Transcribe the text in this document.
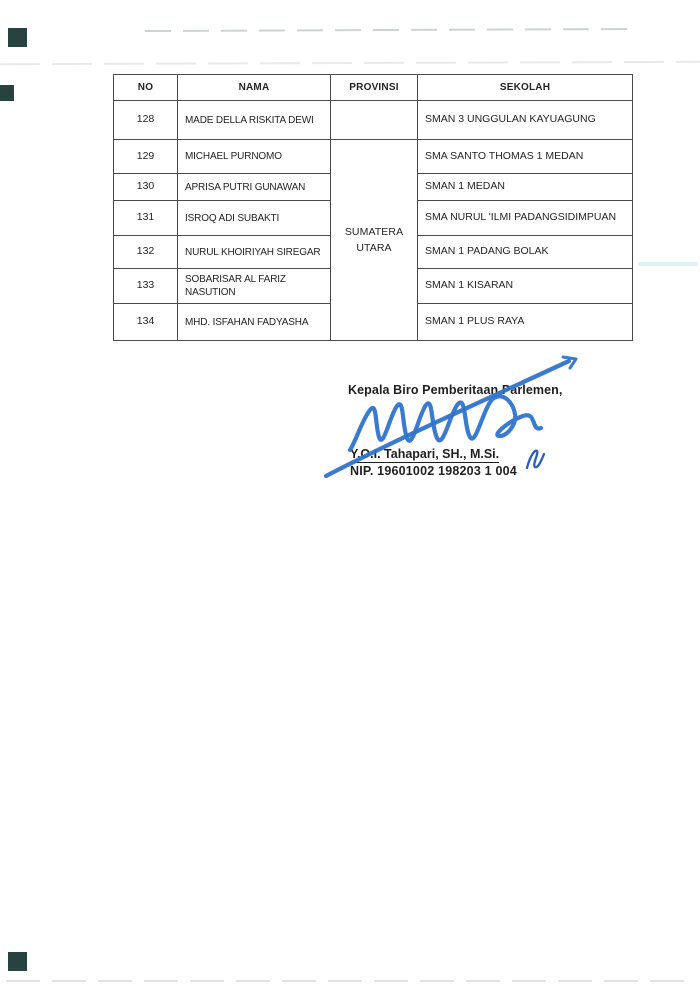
NO	NAMA	PROVINSI	SEKOLAH
128	MADE DELLA RISKITA DEWI		SMAN 3 UNGGULAN KAYUAGUNG
129	MICHAEL PURNOMO	SUMATERA UTARA	SMA SANTO THOMAS 1 MEDAN
130	APRISA PUTRI GUNAWAN		SMAN 1 MEDAN
131	ISROQ ADI SUBAKTI		SMA NURUL 'ILMI PADANGSIDIMPUAN
132	NURUL KHOIRIYAH SIREGAR		SMAN 1 PADANG BOLAK
133	SOBARISAR AL FARIZ NASUTION		SMAN 1 KISARAN
134	MHD. ISFAHAN FADYASHA		SMAN 1 PLUS RAYA
Kepala Biro Pemberitaan Parlemen,
Y.O.I. Tahapari, SH., M.Si.
NIP. 19601002 198203 1 004
